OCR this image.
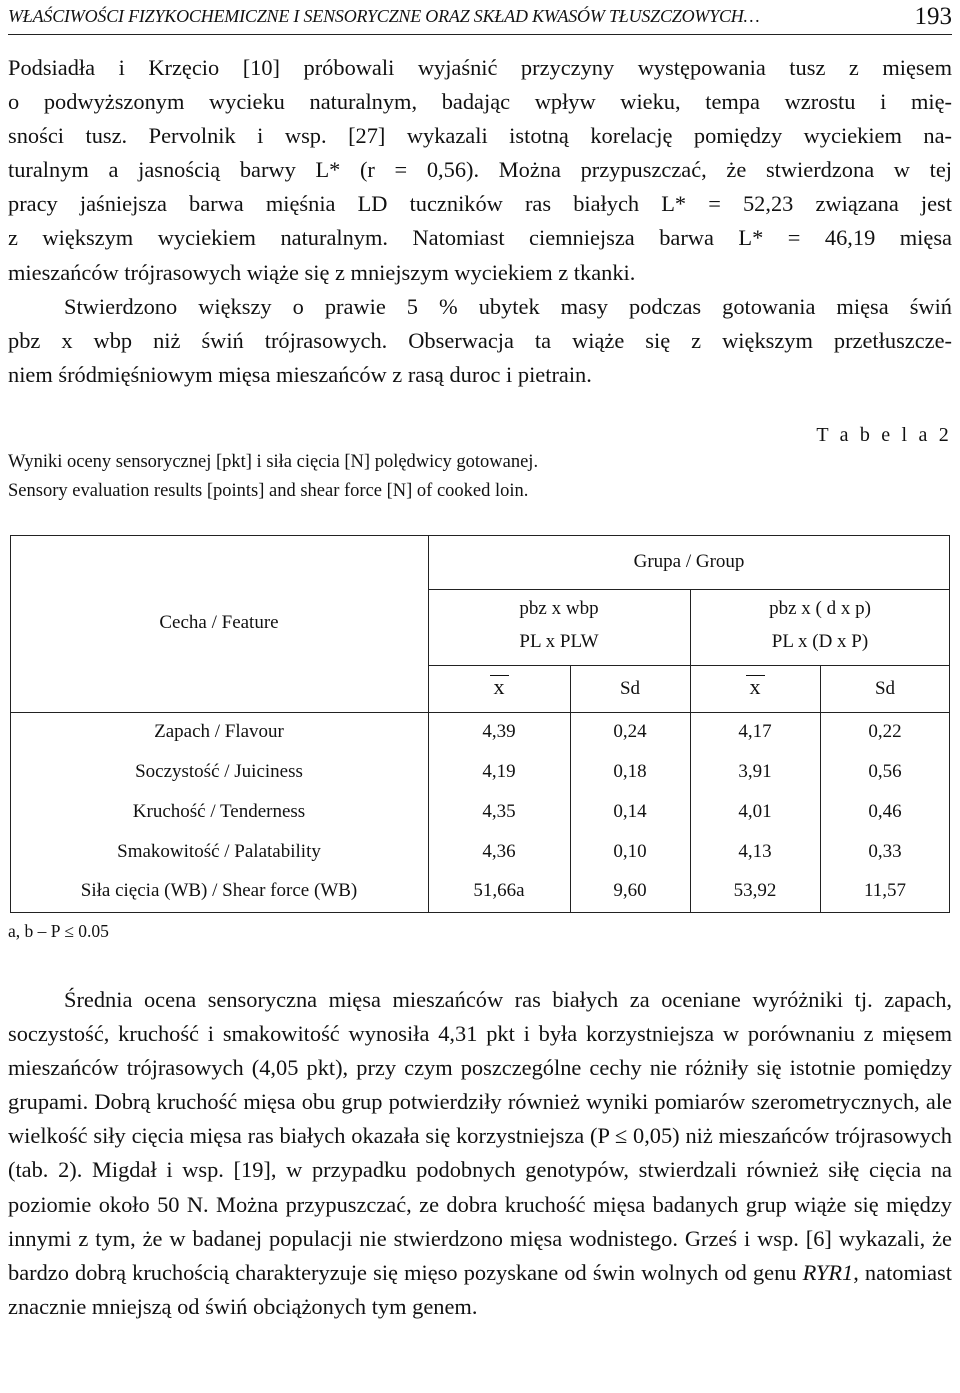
WŁAŚCIWOŚCI FIZYKOCHEMICZNE I SENSORYCZNE ORAZ SKŁAD KWASÓW TŁUSZCZOWYCH…	193
Podsiadła i Krzęcio [10] próbowali wyjaśnić przyczyny występowania tusz z mięsem
o podwyższonym wycieku naturalnym, badając wpływ wieku, tempa wzrostu i mię-
sności tusz. Pervolnik i wsp. [27] wykazali istotną korelację pomiędzy wyciekiem na-
turalnym a jasnością barwy L* (r = 0,56). Można przypuszczać, że stwierdzona w tej
pracy jaśniejsza barwa mięśnia LD tuczników ras białych L* = 52,23 związana jest
z większym wyciekiem naturalnym. Natomiast ciemniejsza barwa L* = 46,19 mięsa
mieszańców trójrasowych wiąże się z mniejszym wyciekiem z tkanki.
Stwierdzono większy o prawie 5 % ubytek masy podczas gotowania mięsa świń
pbz x wbp niż świń trójrasowych. Obserwacja ta wiąże się z większym przetłuszcze-
niem śródmięśniowym mięsa mieszańców z rasą duroc i pietrain.
T a b e l a 2
Wyniki oceny sensorycznej [pkt] i siła cięcia [N] polędwicy gotowanej.
Sensory evaluation results [points] and shear force [N] of cooked loin.
Cecha / Feature
Grupa / Group
pbz x wbp
PL x PLW
pbz x ( d x p)
PL x (D x P)
x	Sd	x	Sd
Zapach / Flavour	4,39	0,24	4,17	0,22
Soczystość / Juiciness	4,19	0,18	3,91	0,56
Kruchość / Tenderness	4,35	0,14	4,01	0,46
Smakowitość / Palatability	4,36	0,10	4,13	0,33
Siła cięcia (WB) / Shear force (WB)	51,66a	9,60	53,92	11,57
a, b – P ≤ 0.05

Średnia ocena sensoryczna mięsa mieszańców ras białych za oceniane wyróżniki tj. zapach, soczystość, kruchość i smakowitość wynosiła 4,31 pkt i była korzystniejsza w porównaniu z mięsem mieszańców trójrasowych (4,05 pkt), przy czym poszczególne cechy nie różniły się istotnie pomiędzy grupami. Dobrą kruchość mięsa obu grup potwierdziły również wyniki pomiarów szerometrycznych, ale wielkość siły cięcia mięsa ras białych okazała się korzystniejsza (P ≤ 0,05) niż mieszańców trójrasowych (tab. 2). Migdał i wsp. [19], w przypadku podobnych genotypów, stwierdzali również siłę cięcia na poziomie około 50 N. Można przypuszczać, ze dobra kruchość mięsa badanych grup wiąże się między innymi z tym, że w badanej populacji nie stwierdzono mięsa wodnistego. Grześ i wsp. [6] wykazali, że bardzo dobrą kruchością charakteryzuje się mięso pozyskane od świn wolnych od genu RYR1, natomiast znacznie mniejszą od świń obciążonych tym genem.
